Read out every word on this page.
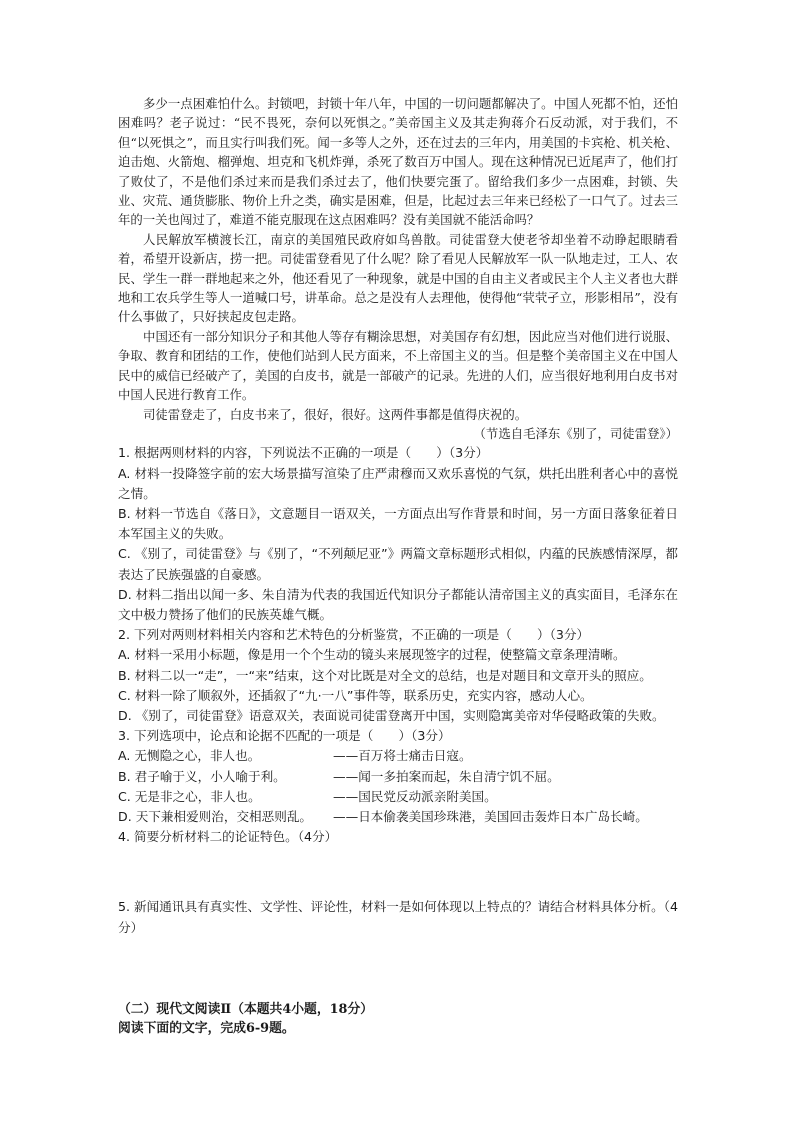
多少一点困难怕什么。封锁吧，封锁十年八年，中国的一切问题都解决了。中国人死都不怕，还怕困难吗？老子说过：“民不畏死，奈何以死惧之。”美帝国主义及其走狗蒋介石反动派，对于我们，不但“以死惧之”，而且实行叫我们死。闻一多等人之外，还在过去的三年内，用美国的卡宾枪、机关枪、迫击炮、火箭炮、榴弹炮、坦克和飞机炸弹，杀死了数百万中国人。现在这种情况已近尾声了，他们打了败仗了，不是他们杀过来而是我们杀过去了，他们快要完蛋了。留给我们多少一点困难，封锁、失业、灾荒、通货膨胀、物价上升之类，确实是困难，但是，比起过去三年来已经松了一口气了。过去三年的一关也闯过了，难道不能克服现在这点困难吗？没有美国就不能活命吗？

人民解放军横渡长江，南京的美国殖民政府如鸟兽散。司徒雷登大使老爷却坐着不动睁起眼睛看着，希望开设新店，捞一把。司徒雷登看见了什么呢？除了看见人民解放军一队一队地走过，工人、农民、学生一群一群地起来之外，他还看见了一种现象，就是中国的自由主义者或民主个人主义者也大群地和工农兵学生等人一道喊口号，讲革命。总之是没有人去理他，使得他“茕茕孑立，形影相吊”，没有什么事做了，只好挟起皮包走路。

中国还有一部分知识分子和其他人等存有糊涂思想，对美国存有幻想，因此应当对他们进行说服、争取、教育和团结的工作，使他们站到人民方面来，不上帝国主义的当。但是整个美帝国主义在中国人民中的威信已经破产了，美国的白皮书，就是一部破产的记录。先进的人们，应当很好地利用白皮书对中国人民进行教育工作。

司徒雷登走了，白皮书来了，很好，很好。这两件事都是值得庆祝的。

（节选自毛泽东《别了，司徒雷登》）

1. 根据两则材料的内容，下列说法不正确的一项是（　　）（3分）

A. 材料一投降签字前的宏大场景描写渲染了庄严肃穆而又欢乐喜悦的气氛，烘托出胜利者心中的喜悦之情。

B. 材料一节选自《落日》，文意题目一语双关，一方面点出写作背景和时间，另一方面日落象征着日本军国主义的失败。

C. 《别了，司徒雷登》与《别了，“不列颠尼亚”》两篇文章标题形式相似，内蕴的民族感情深厚，都表达了民族强盛的自豪感。

D. 材料二指出以闻一多、朱自清为代表的我国近代知识分子都能认清帝国主义的真实面目，毛泽东在文中极力赞扬了他们的民族英雄气概。

2. 下列对两则材料相关内容和艺术特色的分析鉴赏，不正确的一项是（　　）（3分）

A. 材料一采用小标题，像是用一个个生动的镜头来展现签字的过程，使整篇文章条理清晰。

B. 材料二以一“走”，一“来”结束，这个对比既是对全文的总结，也是对题目和文章开头的照应。

C. 材料一除了顺叙外，还插叙了“九·一八”事件等，联系历史，充实内容，感动人心。

D. 《别了，司徒雷登》语意双关，表面说司徒雷登离开中国，实则隐寓美帝对华侵略政策的失败。

3. 下列选项中，论点和论据不匹配的一项是（　　）（3分）

A. 无恻隐之心，非人也。	——百万将士痛击日寇。
B. 君子喻于义，小人喻于利。	——闻一多拍案而起，朱自清宁饥不屈。
C. 无是非之心，非人也。	——国民党反动派亲附美国。
D. 天下兼相爱则治，交相恶则乱。	——日本偷袭美国珍珠港，美国回击轰炸日本广岛长崎。

4. 简要分析材料二的论证特色。（4分）

5. 新闻通讯具有真实性、文学性、评论性，材料一是如何体现以上特点的？请结合材料具体分析。（4分）

（二）现代文阅读Ⅱ（本题共4小题，18分）

阅读下面的文字，完成6-9题。
